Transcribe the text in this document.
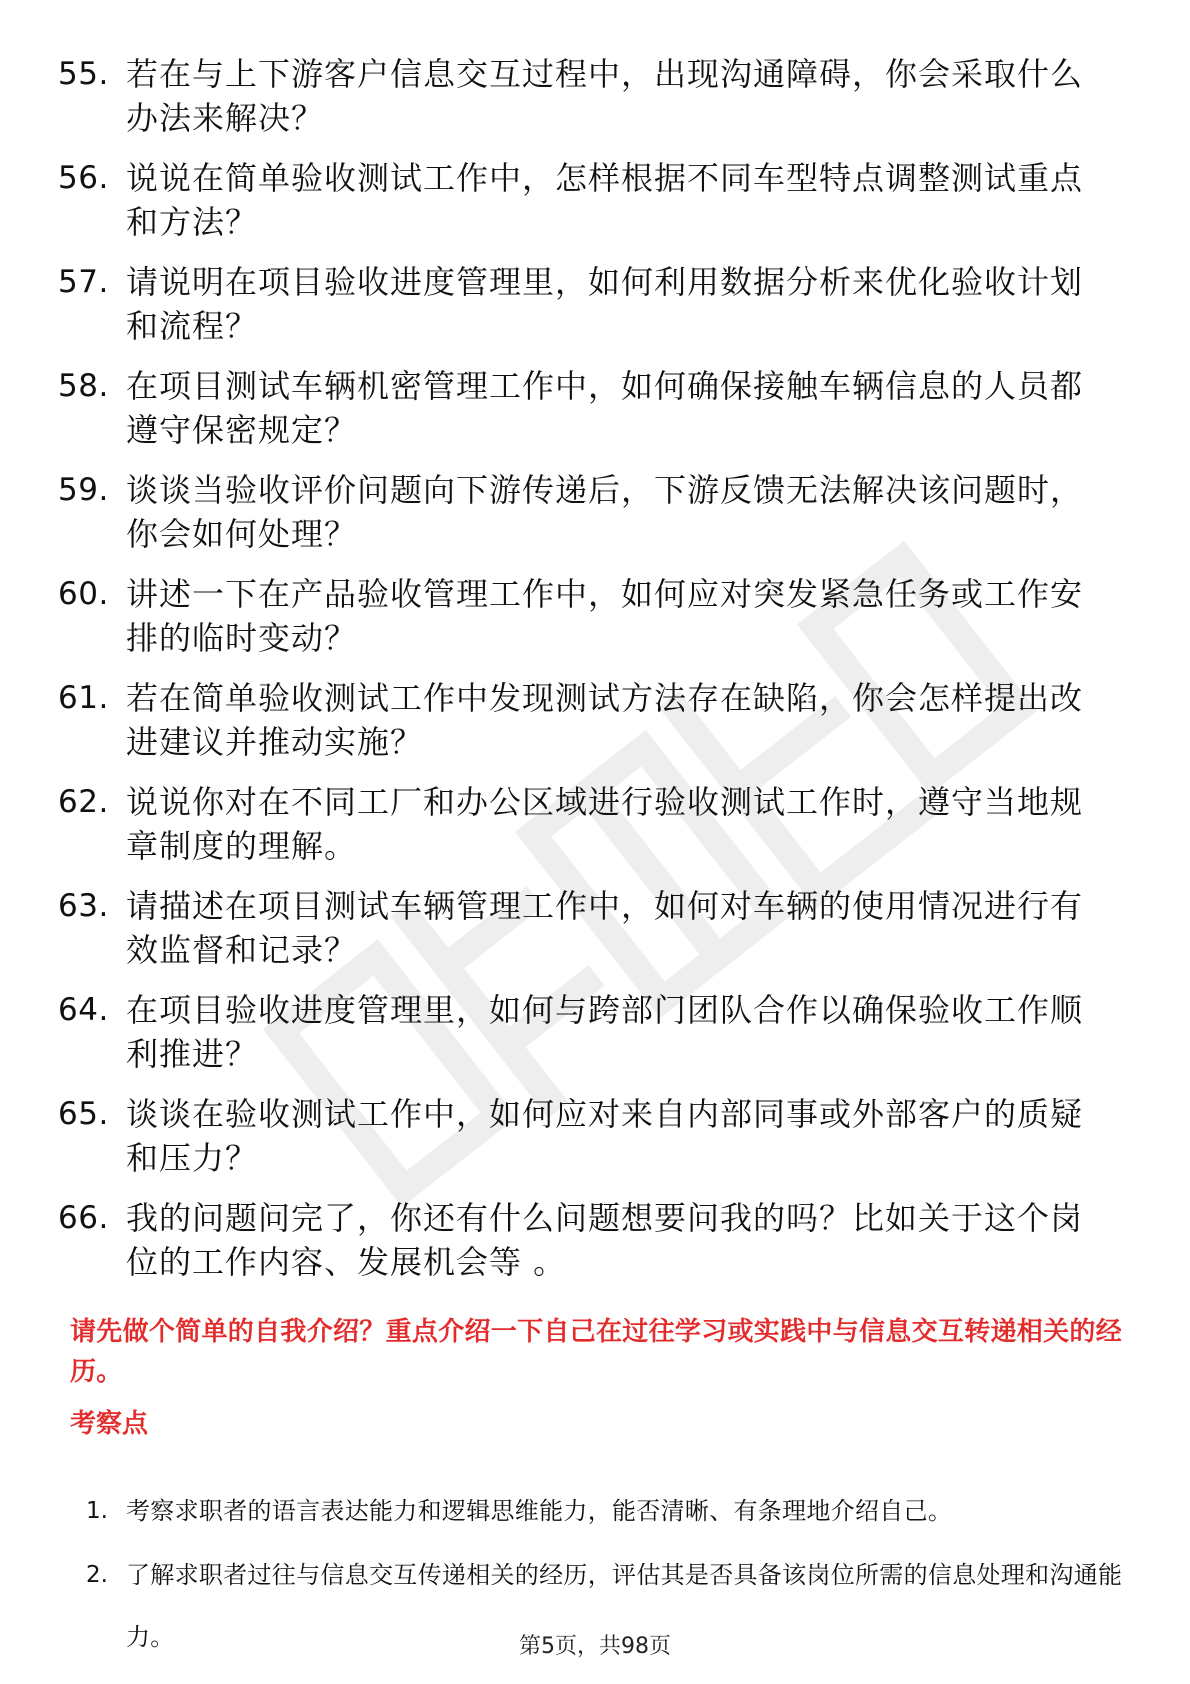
55. 若在与上下游客户信息交互过程中，出现沟通障碍，你会采取什么办法来解决？
56. 说说在简单验收测试工作中，怎样根据不同车型特点调整测试重点和方法？
57. 请说明在项目验收进度管理里，如何利用数据分析来优化验收计划和流程？
58. 在项目测试车辆机密管理工作中，如何确保接触车辆信息的人员都遵守保密规定？
59. 谈谈当验收评价问题向下游传递后，下游反馈无法解决该问题时，你会如何处理？
60. 讲述一下在产品验收管理工作中，如何应对突发紧急任务或工作安排的临时变动？
61. 若在简单验收测试工作中发现测试方法存在缺陷，你会怎样提出改进建议并推动实施？
62. 说说你对在不同工厂和办公区域进行验收测试工作时，遵守当地规章制度的理解。
63. 请描述在项目测试车辆管理工作中，如何对车辆的使用情况进行有效监督和记录？
64. 在项目验收进度管理里，如何与跨部门团队合作以确保验收工作顺利推进？
65. 谈谈在验收测试工作中，如何应对来自内部同事或外部客户的质疑和压力？
66. 我的问题问完了，你还有什么问题想要问我的吗？比如关于这个岗位的工作内容、发展机会等 。
请先做个简单的自我介绍？重点介绍一下自己在过往学习或实践中与信息交互转递相关的经历。
考察点
1. 考察求职者的语言表达能力和逻辑思维能力，能否清晰、有条理地介绍自己。
2. 了解求职者过往与信息交互传递相关的经历，评估其是否具备该岗位所需的信息处理和沟通能力。	第5页，共98页
